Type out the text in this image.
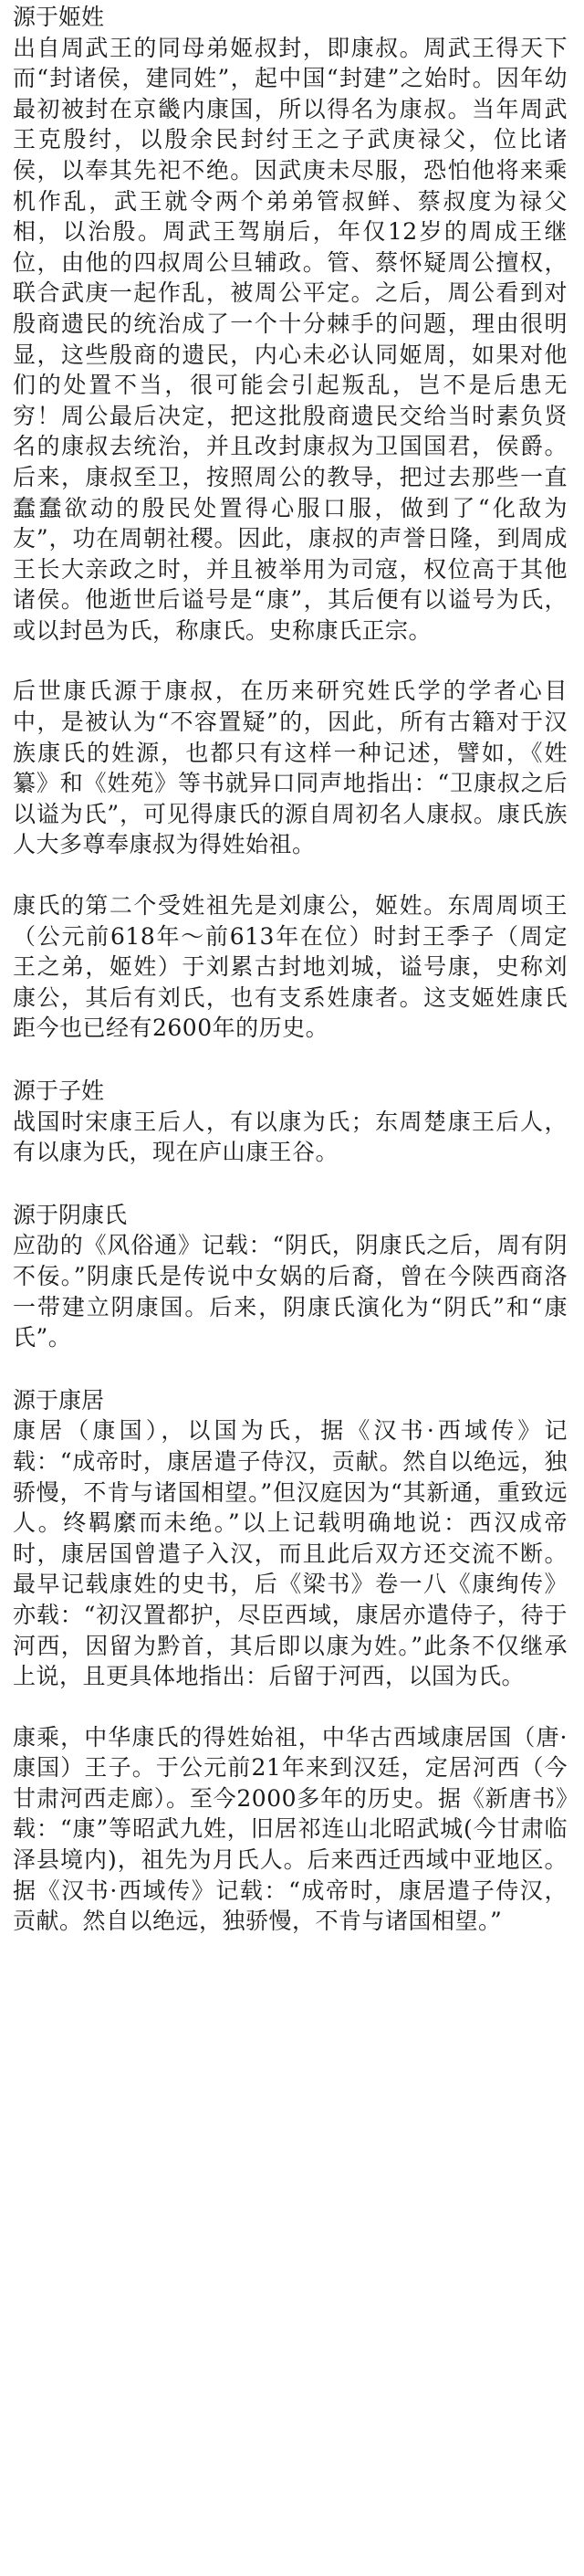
源于姬姓

出自周武王的同母弟姬叔封，即康叔。周武王得天下而“封诸侯，建同姓”，起中国“封建”之始时。因年幼最初被封在京畿内康国，所以得名为康叔。当年周武王克殷纣，以殷余民封纣王之子武庚禄父，位比诸侯，以奉其先祀不绝。因武庚未尽服，恐怕他将来乘机作乱，武王就令两个弟弟管叔鲜、蔡叔度为禄父相，以治殷。周武王驾崩后，年仅12岁的周成王继位，由他的四叔周公旦辅政。管、蔡怀疑周公擅权，联合武庚一起作乱，被周公平定。之后，周公看到对殷商遗民的统治成了一个十分棘手的问题，理由很明显，这些殷商的遗民，内心未必认同姬周，如果对他们的处置不当，很可能会引起叛乱，岂不是后患无穷！周公最后决定，把这批殷商遗民交给当时素负贤名的康叔去统治，并且改封康叔为卫国国君，侯爵。后来，康叔至卫，按照周公的教导，把过去那些一直蠢蠢欲动的殷民处置得心服口服，做到了“化敌为友”，功在周朝社稷。因此，康叔的声誉日隆，到周成王长大亲政之时，并且被举用为司寇，权位高于其他诸侯。他逝世后谥号是“康”，其后便有以谥号为氏，或以封邑为氏，称康氏。史称康氏正宗。

后世康氏源于康叔，在历来研究姓氏学的学者心目中，是被认为“不容置疑”的，因此，所有古籍对于汉族康氏的姓源，也都只有这样一种记述，譬如，《姓纂》和《姓苑》等书就异口同声地指出：“卫康叔之后以谥为氏”，可见得康氏的源自周初名人康叔。康氏族人大多尊奉康叔为得姓始祖。

康氏的第二个受姓祖先是刘康公，姬姓。东周周顷王（公元前618年～前613年在位）时封王季子（周定王之弟，姬姓）于刘累古封地刘城，谥号康，史称刘康公，其后有刘氏，也有支系姓康者。这支姬姓康氏距今也已经有2600年的历史。

源于子姓

战国时宋康王后人，有以康为氏；东周楚康王后人，有以康为氏，现在庐山康王谷。

源于阴康氏

应劭的《风俗通》记载：“阴氏，阴康氏之后，周有阴不佞。”阴康氏是传说中女娲的后裔，曾在今陕西商洛一带建立阴康国。后来，阴康氏演化为“阴氏”和“康氏”。

源于康居

康居（康国），以国为氏，据《汉书·西域传》记载：“成帝时，康居遣子侍汉，贡献。然自以绝远，独骄慢，不肯与诸国相望。”但汉庭因为“其新通，重致远人。终羁縻而未绝。”以上记载明确地说：西汉成帝时，康居国曾遣子入汉，而且此后双方还交流不断。最早记载康姓的史书，后《梁书》卷一八《康绚传》亦载：“初汉置都护，尽臣西域，康居亦遣侍子，待于河西，因留为黔首，其后即以康为姓。”此条不仅继承上说，且更具体地指出：后留于河西，以国为氏。

康乘，中华康氏的得姓始祖，中华古西域康居国（唐·康国）王子。于公元前21年来到汉廷，定居河西（今甘肃河西走廊）。至今2000多年的历史。据《新唐书》载：“康”等昭武九姓，旧居祁连山北昭武城(今甘肃临泽县境内)，祖先为月氏人。后来西迁西域中亚地区。据《汉书·西域传》记载：“成帝时，康居遣子侍汉，贡献。然自以绝远，独骄慢，不肯与诸国相望。”
